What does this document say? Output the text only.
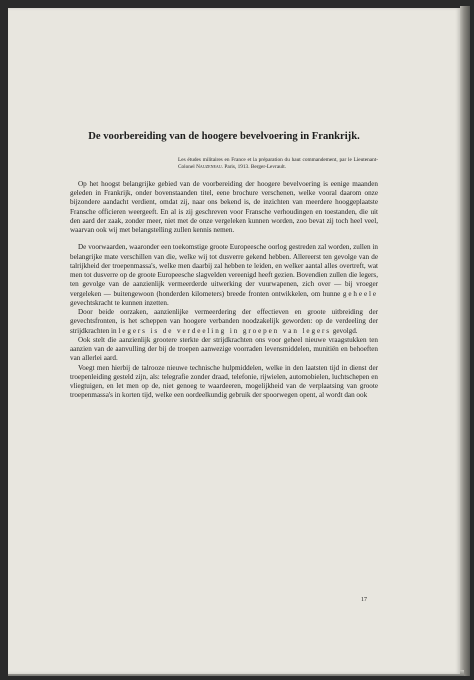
De voorbereiding van de hoogere bevelvoering in Frankrijk.
Les études militaires en France et la préparation du haut commandement, par le Lieutenant-Colonel Nauzeneau. Paris, 1913. Berger-Levrault.

Op het hoogst belangrijke gebied van de voorbereiding der hoogere bevelvoering is eenige maanden geleden in Frankrijk, onder bovenstaanden titel, eene brochure verschenen, welke vooral daarom onze bijzondere aandacht verdient, omdat zij, naar ons bekend is, de inzichten van meerdere hooggeplaatste Fransche officieren weergeeft. En al is zij geschreven voor Fransche verhoudingen en toestanden, die uit den aard der zaak, zonder meer, niet met de onze vergeleken kunnen worden, zoo bevat zij toch heel veel, waarvan ook wij met belangstelling zullen kennis nemen.

De voorwaarden, waaronder een toekomstige groote Europeesche oorlog gestreden zal worden, zullen in belangrijke mate verschillen van die, welke wij tot dusverre gekend hebben. Allereerst ten gevolge van de talrijkheid der troepenmassa's, welke men daarbij zal hebben te leiden, en welker aantal alles overtreft, wat men tot dusverre op de groote Europeesche slagvelden vereenigd heeft gezien. Bovendien zullen die legers, ten gevolge van de aanzienlijk vermeerderde uitwerking der vuurwapenen, zich over — bij vroeger vergeleken — buitengewoon (honderden kilometers) breede fronten ontwikkelen, om hunne geheele gevechtskracht te kunnen inzetten.

Door beide oorzaken, aanzienlijke vermeerdering der effectieven en groote uitbreiding der gevechtsfronten, is het scheppen van hoogere verbanden noodzakelijk geworden: op de verdeeling der strijdkrachten in legers is de verdeeling in groepen van legers gevolgd.

Ook stelt die aanzienlijk grootere sterkte der strijdkrachten ons voor geheel nieuwe vraagstukken ten aanzien van de aanvulling der bij de troepen aanwezige voorraden levensmiddelen, munitiën en behoeften van allerlei aard.

Voegt men hierbij de talrooze nieuwe technische hulpmiddelen, welke in den laatsten tijd in dienst der troepenleiding gesteld zijn, als: telegrafie zonder draad, telefonie, rijwielen, automobielen, luchtschepen en vliegtuigen, en let men op de, niet genoeg te waardeeren, mogelijkheid van de verplaatsing van groote troepenmassa's in korten tijd, welke een oordeelkundig gebruik der spoorwegen opent, al wordt dan ook

17
